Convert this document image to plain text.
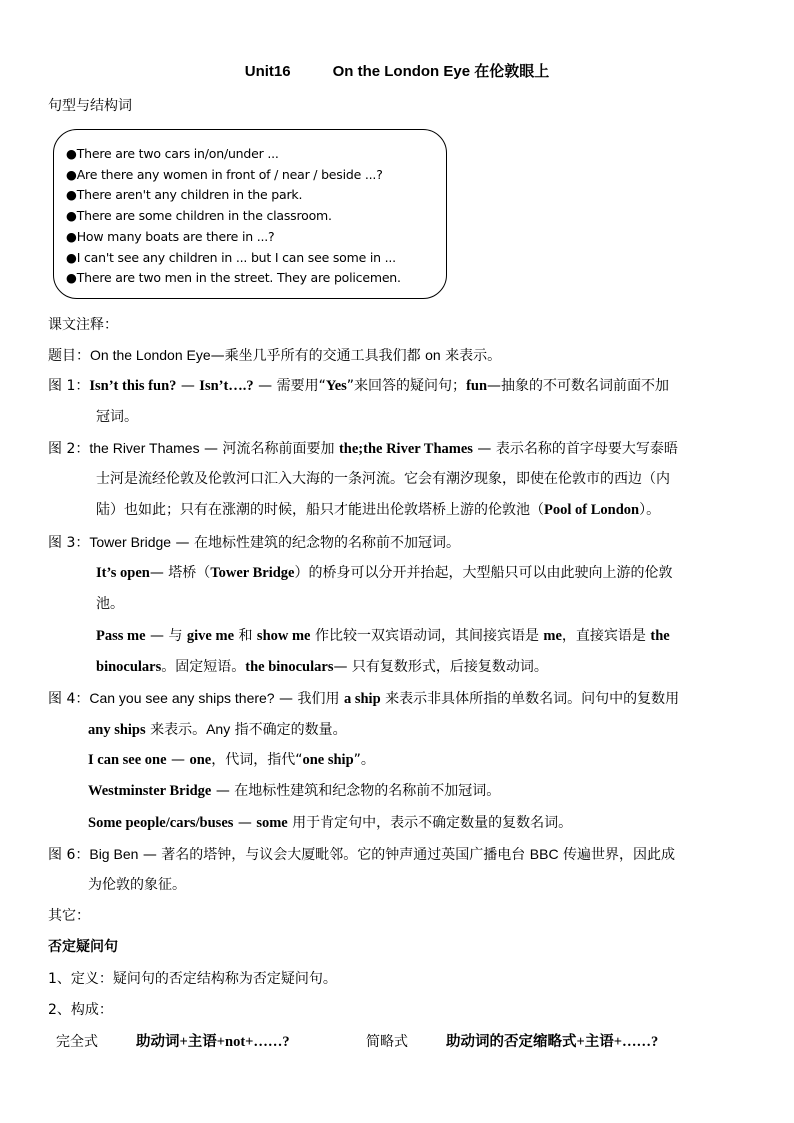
Unit16	On the London Eye 在伦敦眼上
句型与结构词
●There are two cars in/on/under ...
●Are there any women in front of / near / beside ...?
●There aren't any children in the park.
●There are some children in the classroom.
●How many boats are there in ...?
●I can't see any children in ... but I can see some in ...
●There are two men in the street. They are policemen.
课文注释：
题目：On the London Eye—乘坐几乎所有的交通工具我们都 on 来表示。
图 1：Isn’t this fun? — Isn’t….? — 需要用“Yes”来回答的疑问句；fun—抽象的不可数名词前面不加
冠词。
图 2：the River Thames — 河流名称前面要加 the;the River Thames — 表示名称的首字母要大写泰晤
士河是流经伦敦及伦敦河口汇入大海的一条河流。它会有潮汐现象，即使在伦敦市的西边（内
陆）也如此；只有在涨潮的时候，船只才能进出伦敦塔桥上游的伦敦池（Pool of London）。
图 3：Tower Bridge — 在地标性建筑的纪念物的名称前不加冠词。
It’s open— 塔桥（Tower Bridge）的桥身可以分开并抬起，大型船只可以由此驶向上游的伦敦
池。
Pass me — 与 give me 和 show me 作比较一双宾语动词，其间接宾语是 me，直接宾语是 the
binoculars。固定短语。the binoculars— 只有复数形式，后接复数动词。
图 4：Can you see any ships there? — 我们用 a ship 来表示非具体所指的单数名词。问句中的复数用
any ships 来表示。Any 指不确定的数量。
I can see one — one，代词，指代“one ship”。
Westminster Bridge — 在地标性建筑和纪念物的名称前不加冠词。
Some people/cars/buses — some 用于肯定句中，表示不确定数量的复数名词。
图 6：Big Ben — 著名的塔钟，与议会大厦毗邻。它的钟声通过英国广播电台 BBC 传遍世界，因此成
为伦敦的象征。
其它：
否定疑问句
1、定义：疑问句的否定结构称为否定疑问句。
2、构成：
完全式	助动词+主语+not+……?	简略式	助动词的否定缩略式+主语+……?
